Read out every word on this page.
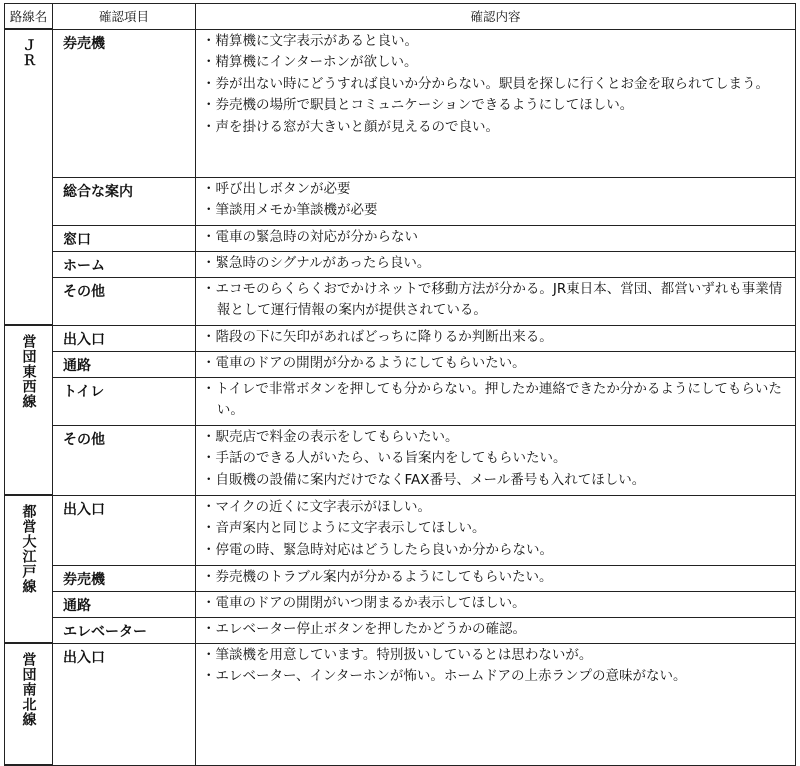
路線名	確認項目	確認内容

ＪＲ	券売機	・精算機に文字表示があると良い。
・精算機にインターホンが欲しい。
・券が出ない時にどうすれば良いか分からない。駅員を探しに行くとお金を取られてしまう。
・券売機の場所で駅員とコミュニケーションできるようにしてほしい。
・声を掛ける窓が大きいと顔が見えるので良い。

	総合な案内	・呼び出しボタンが必要
・筆談用メモか筆談機が必要

	窓口	・電車の緊急時の対応が分からない

	ホーム	・緊急時のシグナルがあったら良い。

	その他	・エコモのらくらくおでかけネットで移動方法が分かる。JR東日本、営団、都営いずれも事業情報として運行情報の案内が提供されている。

営団東西線	出入口	・階段の下に矢印があればどっちに降りるか判断出来る。

	通路	・電車のドアの開閉が分かるようにしてもらいたい。

	トイレ	・トイレで非常ボタンを押しても分からない。押したか連絡できたか分かるようにしてもらいたい。

	その他	・駅売店で料金の表示をしてもらいたい。
・手話のできる人がいたら、いる旨案内をしてもらいたい。
・自販機の設備に案内だけでなくFAX番号、メール番号も入れてほしい。

都営大江戸線	出入口	・マイクの近くに文字表示がほしい。
・音声案内と同じように文字表示してほしい。
・停電の時、緊急時対応はどうしたら良いか分からない。

	券売機	・券売機のトラブル案内が分かるようにしてもらいたい。

	通路	・電車のドアの開閉がいつ閉まるか表示してほしい。

	エレベーター	・エレベーター停止ボタンを押したかどうかの確認。

営団南北線	出入口	・筆談機を用意しています。特別扱いしているとは思わないが。
・エレベーター、インターホンが怖い。ホームドアの上赤ランプの意味がない。
